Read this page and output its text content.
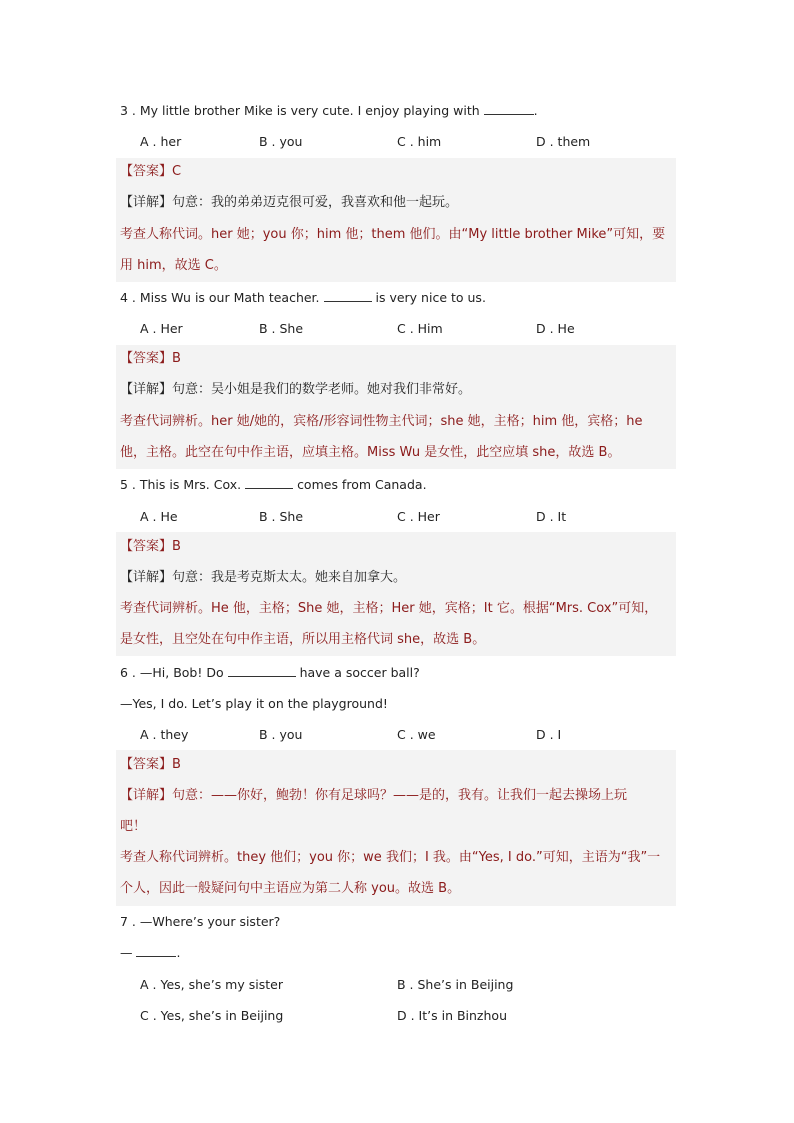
3 . My little brother Mike is very cute. I enjoy playing with	.
A . her	B . you	C . him	D . them
【答案】C
【详解】句意：我的弟弟迈克很可爱，我喜欢和他一起玩。
考查人称代词。her 她；you 你；him 他；them 他们。由“My little brother Mike”可知，要
用 him，故选 C。
4 . Miss Wu is our Math teacher.	is very nice to us.
A . Her	B . She	C . Him	D . He
【答案】B
【详解】句意：吴小姐是我们的数学老师。她对我们非常好。
考查代词辨析。her 她/她的，宾格/形容词性物主代词；she 她，主格；him 他，宾格；he
他，主格。此空在句中作主语，应填主格。Miss Wu 是女性，此空应填 she，故选 B。
5 . This is Mrs. Cox.	comes from Canada.
A . He	B . She	C . Her	D . It
【答案】B
【详解】句意：我是考克斯太太。她来自加拿大。
考查代词辨析。He 他，主格；She 她，主格；Her 她，宾格；It 它。根据“Mrs. Cox”可知，
是女性，且空处在句中作主语，所以用主格代词 she，故选 B。
6 . —Hi, Bob! Do	have a soccer ball?
—Yes, I do. Let’s play it on the playground!
A . they	B . you	C . we	D . I
【答案】B
【详解】句意：——你好，鲍勃！你有足球吗？——是的，我有。让我们一起去操场上玩
吧！
考查人称代词辨析。they 他们；you 你；we 我们；I 我。由“Yes, I do.”可知，主语为“我”一
个人，因此一般疑问句中主语应为第二人称 you。故选 B。
7 . —Where’s your sister?
—	.
A . Yes, she’s my sister	B . She’s in Beijing
C . Yes, she’s in Beijing	D . It’s in Binzhou
